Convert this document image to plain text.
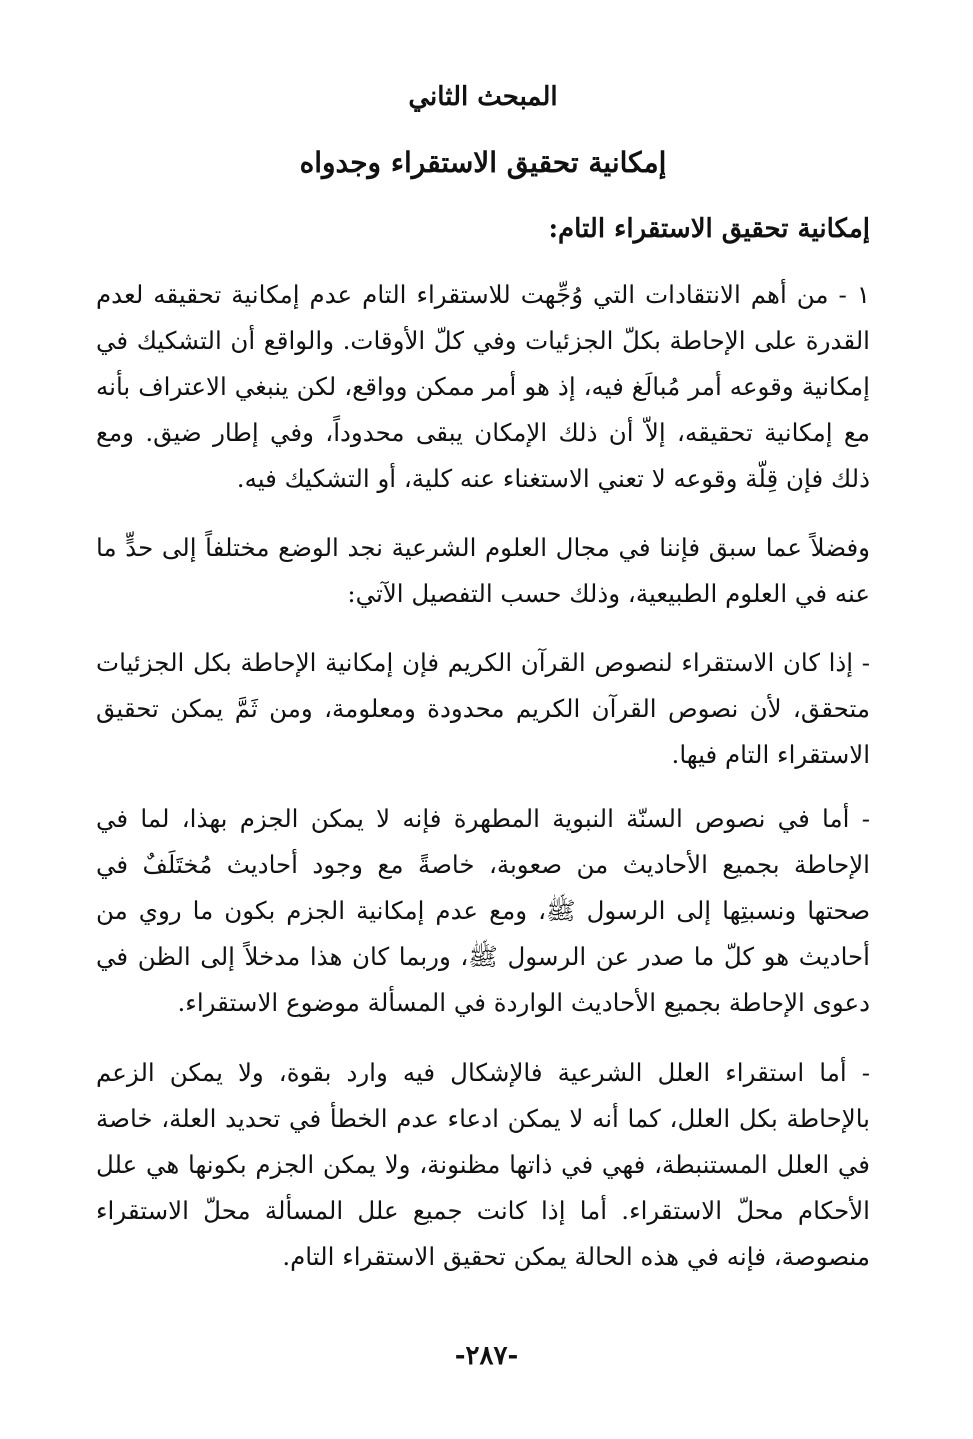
المبحث الثاني
إمكانية تحقيق الاستقراء وجدواه
إمكانية تحقيق الاستقراء التام:

١ - من أهم الانتقادات التي وُجِّهت للاستقراء التام عدم إمكانية تحقيقه لعدم القدرة على الإحاطة بكلّ الجزئيات وفي كلّ الأوقات. والواقع أن التشكيك في إمكانية وقوعه أمر مُبالَغ فيه، إذ هو أمر ممكن وواقع، لكن ينبغي الاعتراف بأنه مع إمكانية تحقيقه، إلاّ أن ذلك الإمكان يبقى محدوداً، وفي إطار ضيق. ومع ذلك فإن قِلّة وقوعه لا تعني الاستغناء عنه كلية، أو التشكيك فيه.

وفضلاً عما سبق فإننا في مجال العلوم الشرعية نجد الوضع مختلفاً إلى حدٍّ ما عنه في العلوم الطبيعية، وذلك حسب التفصيل الآتي:

- إذا كان الاستقراء لنصوص القرآن الكريم فإن إمكانية الإحاطة بكل الجزئيات متحقق، لأن نصوص القرآن الكريم محدودة ومعلومة، ومن ثَمَّ يمكن تحقيق الاستقراء التام فيها.

- أما في نصوص السنّة النبوية المطهرة فإنه لا يمكن الجزم بهذا، لما في الإحاطة بجميع الأحاديث من صعوبة، خاصةً مع وجود أحاديث مُختَلَفٌ في صحتها ونسبتِها إلى الرسول ﷺ، ومع عدم إمكانية الجزم بكون ما روي من أحاديث هو كلّ ما صدر عن الرسول ﷺ، وربما كان هذا مدخلاً إلى الظن في دعوى الإحاطة بجميع الأحاديث الواردة في المسألة موضوع الاستقراء.

- أما استقراء العلل الشرعية فالإشكال فيه وارد بقوة، ولا يمكن الزعم بالإحاطة بكل العلل، كما أنه لا يمكن ادعاء عدم الخطأ في تحديد العلة، خاصة في العلل المستنبطة، فهي في ذاتها مظنونة، ولا يمكن الجزم بكونها هي علل الأحكام محلّ الاستقراء. أما إذا كانت جميع علل المسألة محلّ الاستقراء منصوصة، فإنه في هذه الحالة يمكن تحقيق الاستقراء التام.

-٢٨٧-
